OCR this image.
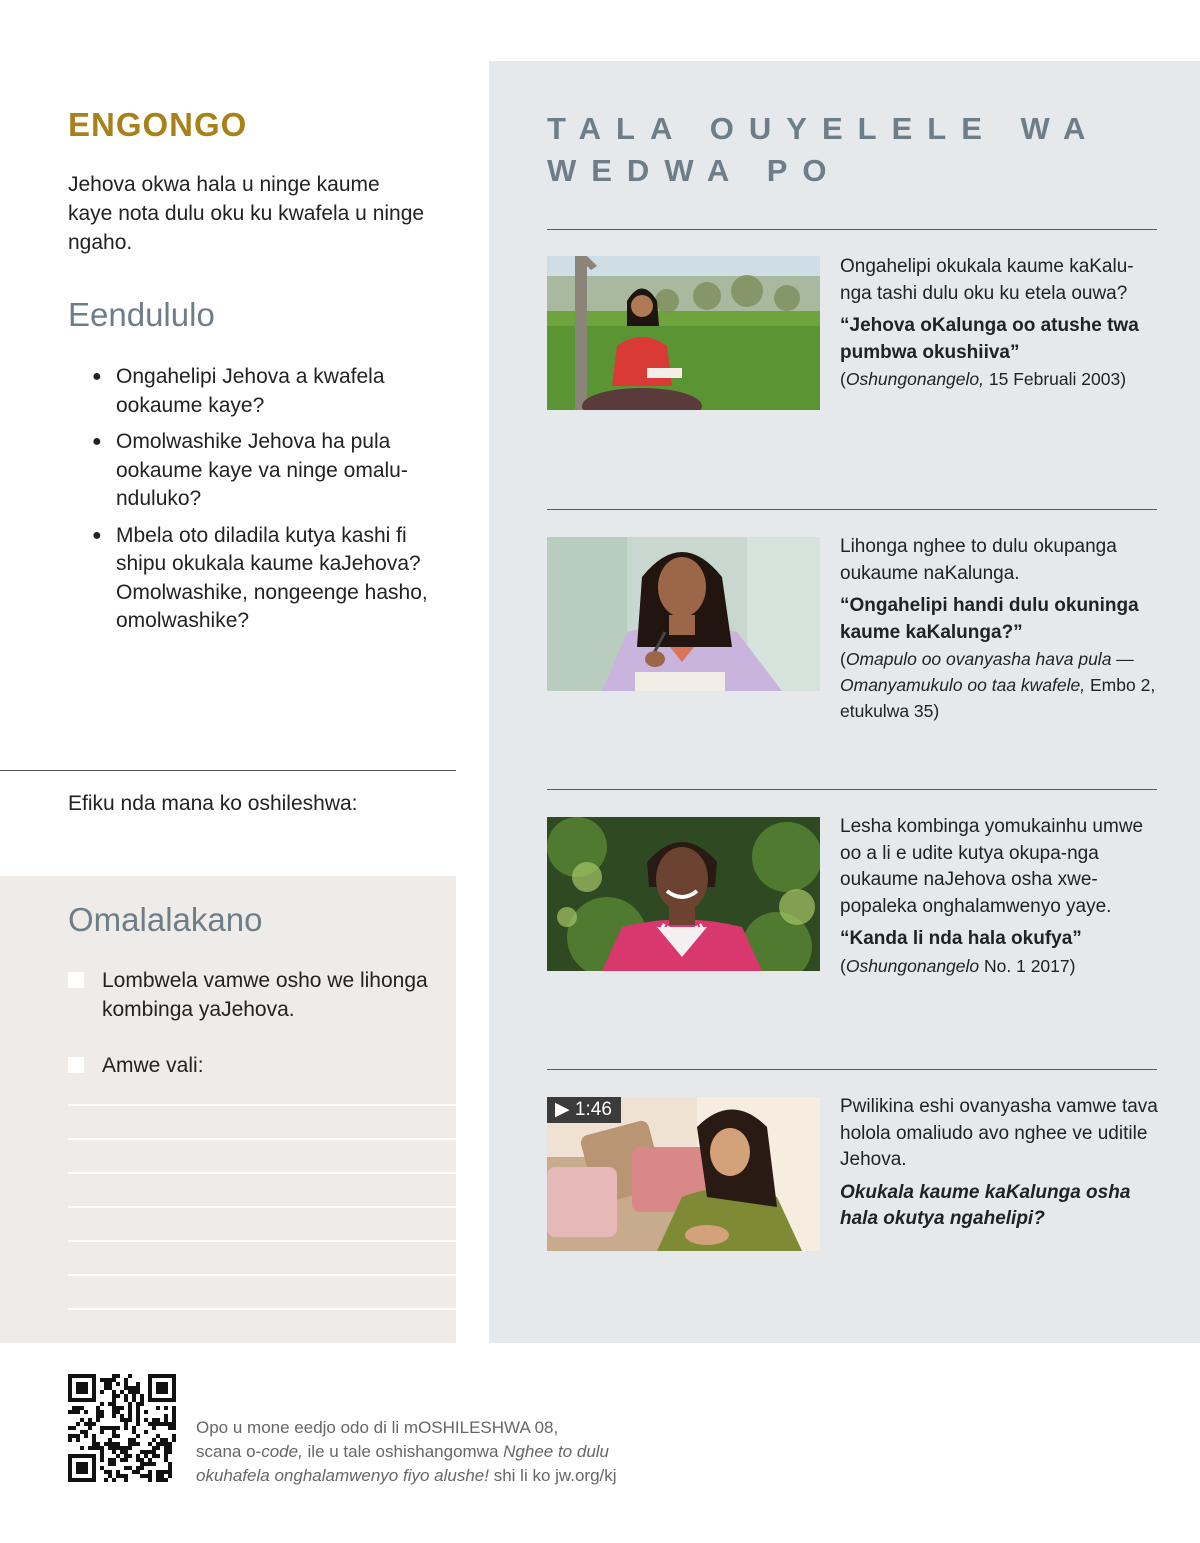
ENGONGO
Jehova okwa hala u ninge kaume kaye nota dulu oku ku kwafela u ninge ngaho.
Eendululo
● Ongahelipi Jehova a kwafela ookaume kaye?
● Omolwashike Jehova ha pula ookaume kaye va ninge omalu-nduluko?
● Mbela oto diladila kutya kashi fi shipu okukala kaume kaJehova? Omolwashike, nongeenge hasho, omolwashike?
Efiku nda mana ko oshileshwa:
Omalalakano
Lombwela vamwe osho we lihonga kombinga yaJehova.
Amwe vali:
TALA OUYELELE WA WEDWA PO
Ongahelipi okukala kaume kaKalu-nga tashi dulu oku ku etela ouwa?
“Jehova oKalunga oo atushe twa pumbwa okushiiva”
(Oshungonangelo, 15 Februali 2003)
Lihonga nghee to dulu okupanga oukaume naKalunga.
“Ongahelipi handi dulu okuninga kaume kaKalunga?”
(Omapulo oo ovanyasha hava pula — Omanyamukulo oo taa kwafele, Embo 2, etukulwa 35)
Lesha kombinga yomukainhu umwe oo a li e udite kutya okupa-nga oukaume naJehova osha xwe-popaleka onghalamwenyo yaye.
“Kanda li nda hala okufya”
(Oshungonangelo No. 1 2017)
▶ 1:46	Pwilikina eshi ovanyasha vamwe tava holola omaliudo avo nghee ve uditile Jehova.
Okukala kaume kaKalunga osha hala okutya ngahelipi?
Opo u mone eedjo odo di li mOSHILESHWA 08,
scana o-code, ile u tale oshishangomwa Nghee to dulu
okuhafela onghalamwenyo fiyo alushe! shi li ko jw.org/kj
